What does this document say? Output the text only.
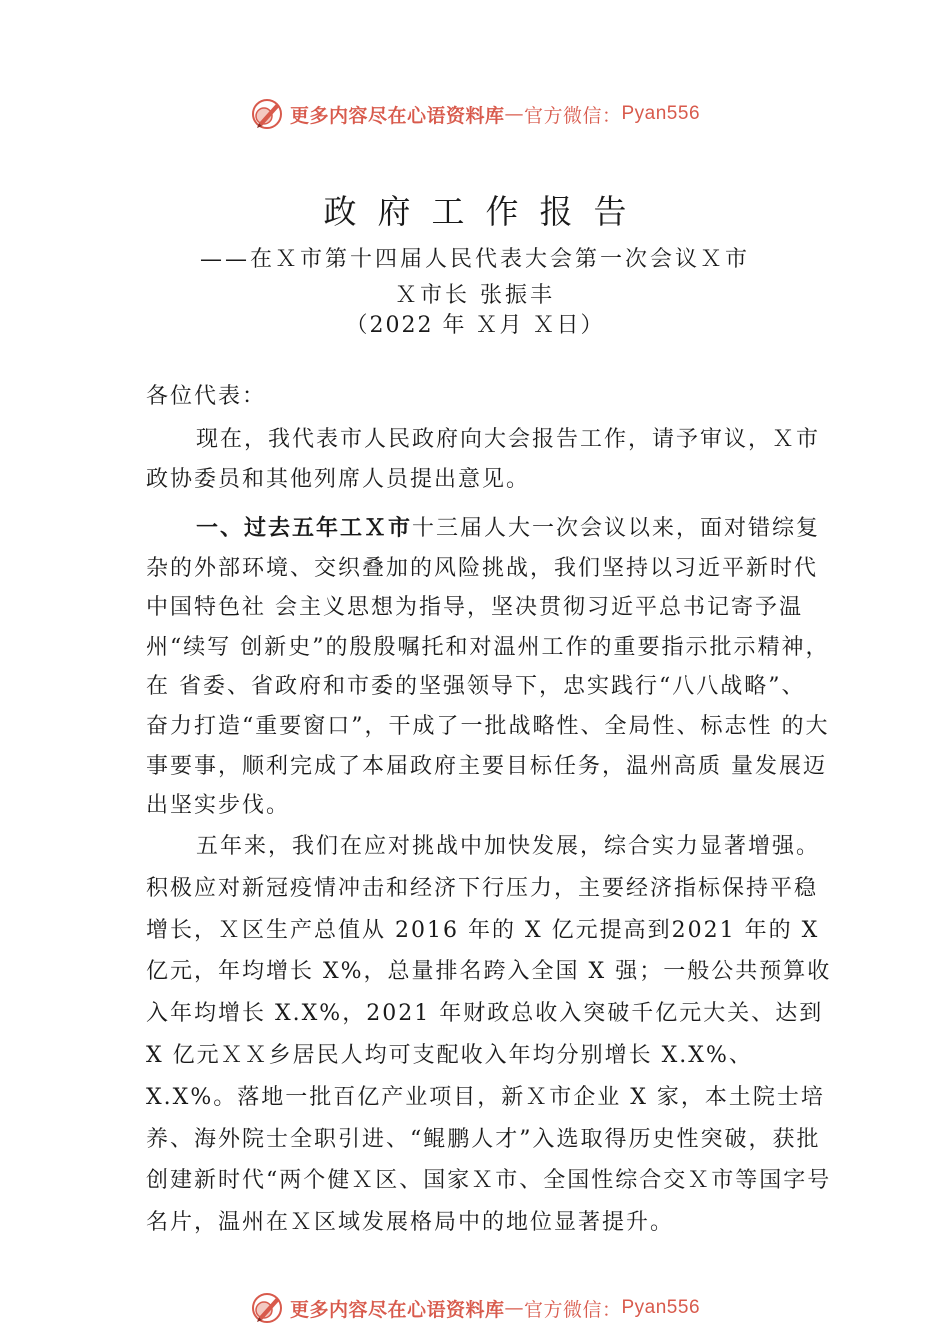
更多内容尽在心语资料库 — 官方微信： Pyan556
政府工作报告
——在Ｘ市第十四届人民代表大会第一次会议Ｘ市
Ｘ市长 张振丰
（2022 年 Ｘ月 Ｘ日）
各位代表：
现在，我代表市人民政府向大会报告工作，请予审议，Ｘ市政协委员和其他列席人员提出意见。
一、过去五年工Ｘ市十三届人大一次会议以来，面对错综复杂的外部环境、交织叠加的风险挑战，我们坚持以习近平新时代中国特色社 会主义思想为指导，坚决贯彻习近平总书记寄予温州“续写 创新史”的殷殷嘱托和对温州工作的重要指示批示精神，在 省委、省政府和市委的坚强领导下，忠实践行“八八战略”、 奋力打造“重要窗口”，干成了一批战略性、全局性、标志性 的大事要事，顺利完成了本届政府主要目标任务，温州高质 量发展迈出坚实步伐。
五年来，我们在应对挑战中加快发展，综合实力显著增强。积极应对新冠疫情冲击和经济下行压力，主要经济指标保持平稳增长，Ｘ区生产总值从 2016 年的 X 亿元提高到2021 年的 X 亿元，年均增长 X%，总量排名跨入全国 X 强；一般公共预算收入年均增长 X.X%，2021 年财政总收入突破千亿元大关、达到 X 亿元ＸＸ乡居民人均可支配收入年均分别增长 X.X%、X.X%。落地一批百亿产业项目，新Ｘ市企业 X 家，本土院士培养、海外院士全职引进、“鲲鹏人才”入选取得历史性突破，获批创建新时代“两个健Ｘ区、国家Ｘ市、全国性综合交Ｘ市等国字号名片，温州在Ｘ区域发展格局中的地位显著提升。
更多内容尽在心语资料库 — 官方微信： Pyan556
